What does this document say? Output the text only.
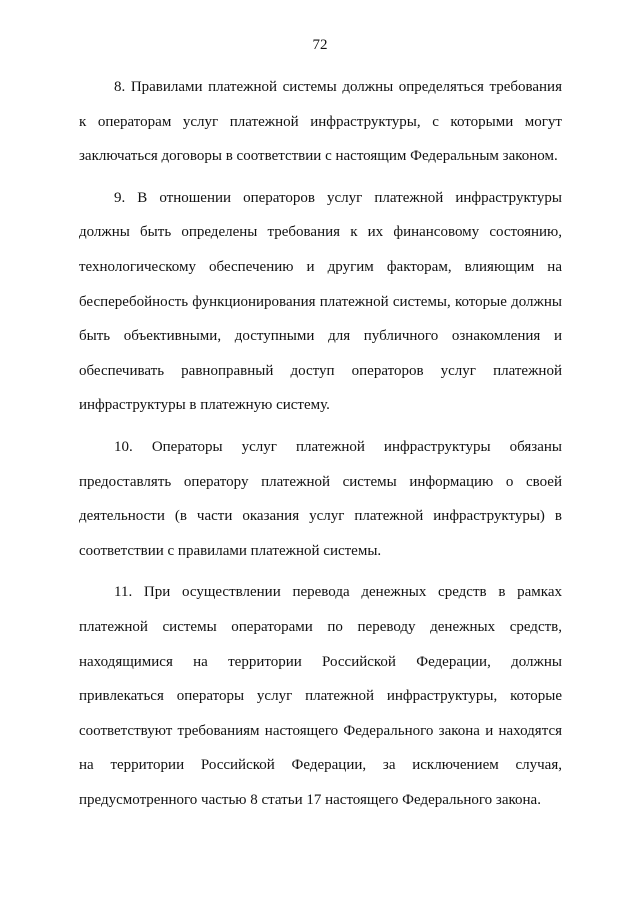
72
8. Правилами платежной системы должны определяться требования
к операторам услуг платежной инфраструктуры, с которыми могут
заключаться договоры в соответствии с настоящим Федеральным законом.
9. В отношении операторов услуг платежной инфраструктуры
должны быть определены требования к их финансовому состоянию,
технологическому обеспечению и другим факторам, влияющим на
бесперебойность функционирования платежной системы, которые должны
быть объективными, доступными для публичного ознакомления и
обеспечивать равноправный доступ операторов услуг платежной
инфраструктуры в платежную систему.
10. Операторы услуг платежной инфраструктуры обязаны
предоставлять оператору платежной системы информацию о своей
деятельности (в части оказания услуг платежной инфраструктуры) в
соответствии с правилами платежной системы.
11. При осуществлении перевода денежных средств в рамках
платежной системы операторами по переводу денежных средств,
находящимися на территории Российской Федерации, должны
привлекаться операторы услуг платежной инфраструктуры, которые
соответствуют требованиям настоящего Федерального закона и находятся
на территории Российской Федерации, за исключением случая,
предусмотренного частью 8 статьи 17 настоящего Федерального закона.
